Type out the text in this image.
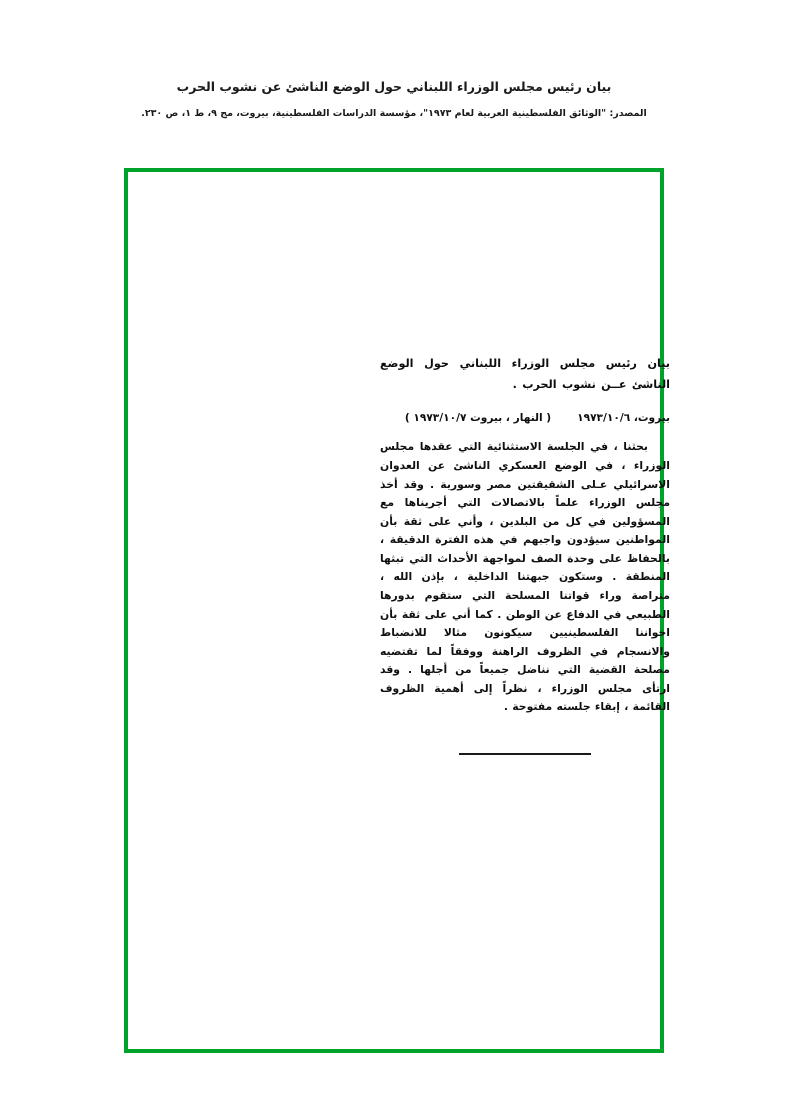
بيان رئيس مجلس الوزراء اللبناني حول الوضع الناشئ عن نشوب الحرب
المصدر: "الوثائق الفلسطينية العربية لعام ١٩٧٣"، مؤسسة الدراسات الفلسطينية، بيروت، مج ٩، ط ١، ص ٢٣٠.
بيان رئيس مجلس الوزراء اللبناني حول الوضع الناشئ عــن نشوب الحرب .
بيروت، ١٩٧٣/١٠/٦
( النهار ، بيروت ١٩٧٣/١٠/٧ )
بحثنا ، في الجلسة الاستثنائية التي عقدها مجلس الوزراء ، في الوضع العسكري الناشئ عن العدوان الاسرائيلي عـلى الشقيقتين مصر وسورية . وقد أخذ مجلس الوزراء علماً بالاتصالات التي أجريناها مع المسؤولين في كل من البلدين ، وأني على ثقة بأن المواطنين سيؤدون واجبهم في هذه الفترة الدقيقة ، بالحفاظ على وحدة الصف لمواجهة الأحداث التي تبثها المنطقة . وستكون جبهتنا الداخلية ، بإذن الله ، متراصة وراء قواتنا المسلحة التي ستقوم بدورها الطبيعي في الدفاع عن الوطن . كما أني على ثقة بأن اخواننا الفلسطينيين سيكونون مثالا للانضباط والانسجام في الظروف الراهنة ووفقاً لما تقتضيه مصلحة القضية التي نناضل جميعاً من أجلها . وقد ارتأى مجلس الوزراء ، نظراً إلى أهمية الظروف القائمة ، إبقاء جلسته مفتوحة .
